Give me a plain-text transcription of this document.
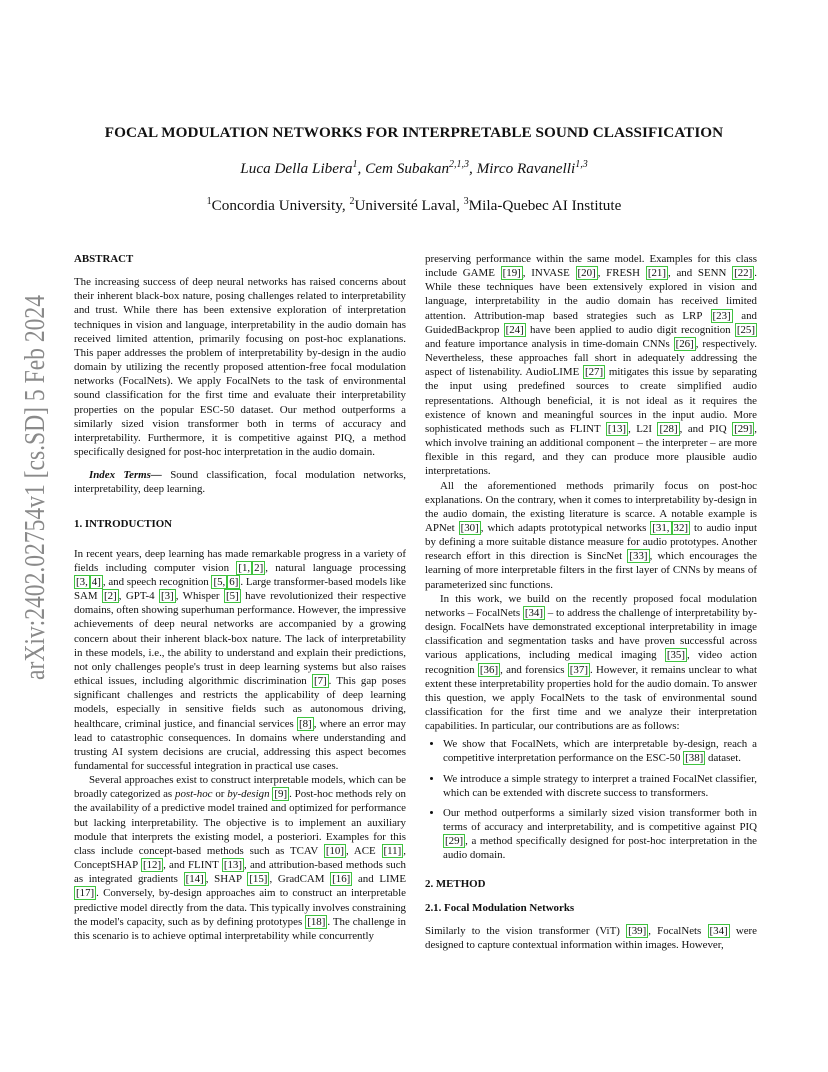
arXiv:2402.02754v1 [cs.SD] 5 Feb 2024
FOCAL MODULATION NETWORKS FOR INTERPRETABLE SOUND CLASSIFICATION
Luca Della Libera$^1$, Cem Subakan$^{2,1,3}$, Mirco Ravanelli$^{1,3}$
$^1$Concordia University, $^2$Université Laval, $^3$Mila-Quebec AI Institute

ABSTRACT

The increasing success of deep neural networks has raised concerns about their inherent black-box nature, posing challenges related to interpretability and trust. While there has been extensive exploration of interpretation techniques in vision and language, interpretability in the audio domain has received limited attention, primarily focusing on post-hoc explanations. This paper addresses the problem of interpretability by-design in the audio domain by utilizing the recently proposed attention-free focal modulation networks (FocalNets). We apply FocalNets to the task of environmental sound classification for the first time and evaluate their interpretability properties on the popular ESC-50 dataset. Our method outperforms a similarly sized vision transformer both in terms of accuracy and interpretability. Furthermore, it is competitive against PIQ, a method specifically designed for post-hoc interpretation in the audio domain.

Index Terms— Sound classification, focal modulation networks, interpretability, deep learning.

1. INTRODUCTION

In recent years, deep learning has made remarkable progress in a variety of fields including computer vision [1, 2] , natural language processing [3, 4] , and speech recognition [5, 6] . Large transformer-based models like SAM [2] , GPT-4 [3] , Whisper [5] have revolutionized their respective domains, often showing superhuman performance. However, the impressive achievements of deep neural networks are accompanied by a growing concern about their inherent black-box nature. The lack of interpretability in these models, i.e., the ability to understand and explain their predictions, not only challenges people's trust in deep learning systems but also raises ethical issues, including algorithmic discrimination [7] . This gap poses significant challenges and restricts the applicability of deep learning models, especially in sensitive fields such as autonomous driving, healthcare, criminal justice, and financial services [8] , where an error may lead to catastrophic consequences. In domains where understanding and trusting AI system decisions are crucial, addressing this aspect becomes fundamental for successful integration in practical use cases.

Several approaches exist to construct interpretable models, which can be broadly categorized as post-hoc or by-design [9] . Post-hoc methods rely on the availability of a predictive model trained and optimized for performance but lacking interpretability. The objective is to implement an auxiliary module that interprets the existing model, a posteriori. Examples for this class include concept-based methods such as TCAV [10] , ACE [11] , ConceptSHAP [12] , and FLINT [13] , and attribution-based methods such as integrated gradients [14] , SHAP [15] , GradCAM [16] and LIME [17] . Conversely, by-design approaches aim to construct an interpretable predictive model directly from the data. This typically involves constraining the model's capacity, such as by defining prototypes [18] . The challenge in this scenario is to achieve optimal interpretability while concurrently

preserving performance within the same model. Examples for this class include GAME [19] , INVASE [20] , FRESH [21] , and SENN [22] . While these techniques have been extensively explored in vision and language, interpretability in the audio domain has received limited attention. Attribution-map based strategies such as LRP [23] and GuidedBackprop [24] have been applied to audio digit recognition [25] and feature importance analysis in time-domain CNNs [26] , respectively. Nevertheless, these approaches fall short in adequately addressing the aspect of listenability. AudioLIME [27] mitigates this issue by separating the input using predefined sources to create simplified audio representations. Although beneficial, it is not ideal as it requires the existence of known and meaningful sources in the input audio. More sophisticated methods such as FLINT [13] , L2I [28] , and PIQ [29] , which involve training an additional component – the interpreter – are more flexible in this regard, and they can produce more plausible audio interpretations.

All the aforementioned methods primarily focus on post-hoc explanations. On the contrary, when it comes to interpretability by-design in the audio domain, the existing literature is scarce. A notable example is APNet [30] , which adapts prototypical networks [31, 32] to audio input by defining a more suitable distance measure for audio prototypes. Another research effort in this direction is SincNet [33] , which encourages the learning of more interpretable filters in the first layer of CNNs by means of parameterized sinc functions.

In this work, we build on the recently proposed focal modulation networks – FocalNets [34] – to address the challenge of interpretability by-design. FocalNets have demonstrated exceptional interpretability in image classification and segmentation tasks and have proven successful across various applications, including medical imaging [35] , video action recognition [36] , and forensics [37] . However, it remains unclear to what extent these interpretability properties hold for the audio domain. To answer this question, we apply FocalNets to the task of environmental sound classification for the first time and we analyze their interpretation capabilities. In particular, our contributions are as follows:

• We show that FocalNets, which are interpretable by-design, reach a competitive interpretation performance on the ESC-50 [38] dataset.
• We introduce a simple strategy to interpret a trained FocalNet classifier, which can be extended with discrete success to transformers.
• Our method outperforms a similarly sized vision transformer both in terms of accuracy and interpretability, and is competitive against PIQ [29] , a method specifically designed for post-hoc interpretation in the audio domain.

2. METHOD

2.1. Focal Modulation Networks

Similarly to the vision transformer (ViT) [39] , FocalNets [34] were designed to capture contextual information within images. However,
